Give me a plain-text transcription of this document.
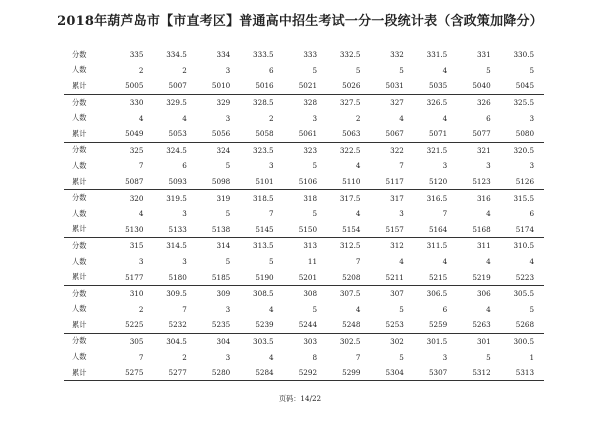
2018年葫芦岛市【市直考区】普通高中招生考试一分一段统计表（含政策加降分）
分数	335	334.5	334	333.5	333	332.5	332	331.5	331	330.5
人数	2	2	3	6	5	5	5	4	5	5
累计	5005	5007	5010	5016	5021	5026	5031	5035	5040	5045
分数	330	329.5	329	328.5	328	327.5	327	326.5	326	325.5
人数	4	4	3	2	3	2	4	4	6	3
累计	5049	5053	5056	5058	5061	5063	5067	5071	5077	5080
分数	325	324.5	324	323.5	323	322.5	322	321.5	321	320.5
人数	7	6	5	3	5	4	7	3	3	3
累计	5087	5093	5098	5101	5106	5110	5117	5120	5123	5126
分数	320	319.5	319	318.5	318	317.5	317	316.5	316	315.5
人数	4	3	5	7	5	4	3	7	4	6
累计	5130	5133	5138	5145	5150	5154	5157	5164	5168	5174
分数	315	314.5	314	313.5	313	312.5	312	311.5	311	310.5
人数	3	3	5	5	11	7	4	4	4	4
累计	5177	5180	5185	5190	5201	5208	5211	5215	5219	5223
分数	310	309.5	309	308.5	308	307.5	307	306.5	306	305.5
人数	2	7	3	4	5	4	5	6	4	5
累计	5225	5232	5235	5239	5244	5248	5253	5259	5263	5268
分数	305	304.5	304	303.5	303	302.5	302	301.5	301	300.5
人数	7	2	3	4	8	7	5	3	5	1
累计	5275	5277	5280	5284	5292	5299	5304	5307	5312	5313
页码：14/22
